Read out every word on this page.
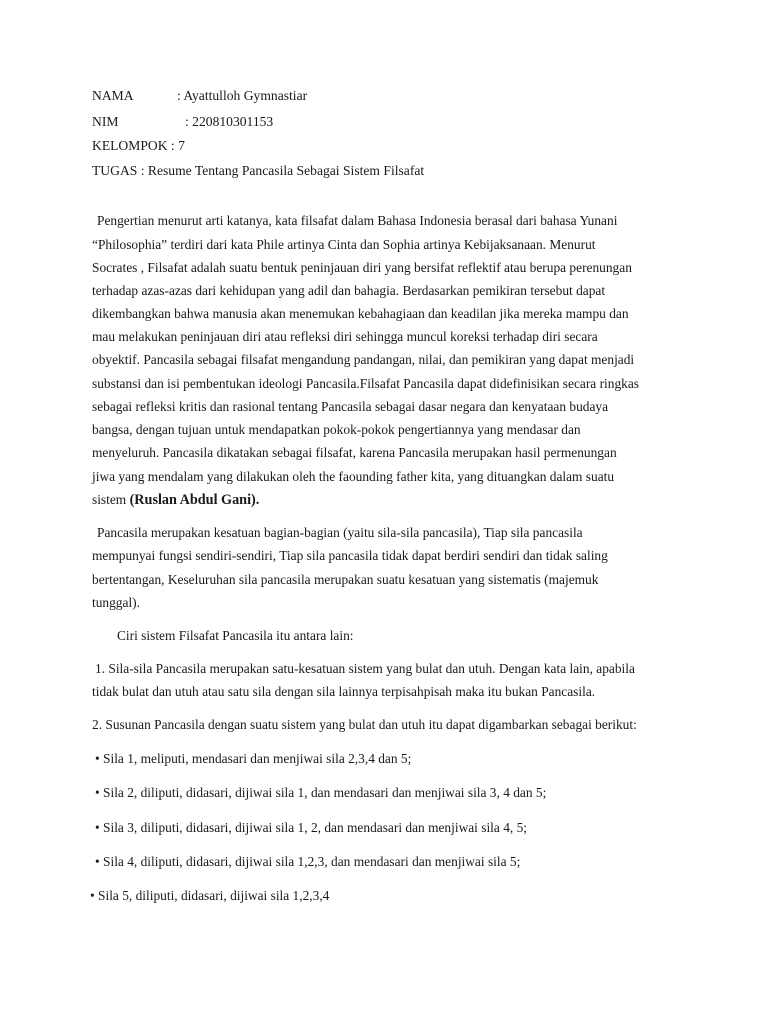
NAMA	: Ayattulloh Gymnastiar
NIM	: 220810301153
KELOMPOK : 7
TUGAS : Resume Tentang Pancasila Sebagai Sistem Filsafat
Pengertian menurut arti katanya, kata filsafat dalam Bahasa Indonesia berasal dari bahasa Yunani
“Philosophia” terdiri dari kata Phile artinya Cinta dan Sophia artinya Kebijaksanaan. Menurut
Socrates , Filsafat adalah suatu bentuk peninjauan diri yang bersifat reflektif atau berupa perenungan
terhadap azas-azas dari kehidupan yang adil dan bahagia. Berdasarkan pemikiran tersebut dapat
dikembangkan bahwa manusia akan menemukan kebahagiaan dan keadilan jika mereka mampu dan
mau melakukan peninjauan diri atau refleksi diri sehingga muncul koreksi terhadap diri secara
obyektif. Pancasila sebagai filsafat mengandung pandangan, nilai, dan pemikiran yang dapat menjadi
substansi dan isi pembentukan ideologi Pancasila.Filsafat Pancasila dapat didefinisikan secara ringkas
sebagai refleksi kritis dan rasional tentang Pancasila sebagai dasar negara dan kenyataan budaya
bangsa, dengan tujuan untuk mendapatkan pokok-pokok pengertiannya yang mendasar dan
menyeluruh. Pancasila dikatakan sebagai filsafat, karena Pancasila merupakan hasil permenungan
jiwa yang mendalam yang dilakukan oleh the faounding father kita, yang dituangkan dalam suatu
sistem (Ruslan Abdul Gani).
Pancasila merupakan kesatuan bagian-bagian (yaitu sila-sila pancasila), Tiap sila pancasila
mempunyai fungsi sendiri-sendiri, Tiap sila pancasila tidak dapat berdiri sendiri dan tidak saling
bertentangan, Keseluruhan sila pancasila merupakan suatu kesatuan yang sistematis (majemuk
tunggal).
Ciri sistem Filsafat Pancasila itu antara lain:
1. Sila-sila Pancasila merupakan satu-kesatuan sistem yang bulat dan utuh. Dengan kata lain, apabila
tidak bulat dan utuh atau satu sila dengan sila lainnya terpisahpisah maka itu bukan Pancasila.
2. Susunan Pancasila dengan suatu sistem yang bulat dan utuh itu dapat digambarkan sebagai berikut:
• Sila 1, meliputi, mendasari dan menjiwai sila 2,3,4 dan 5;
• Sila 2, diliputi, didasari, dijiwai sila 1, dan mendasari dan menjiwai sila 3, 4 dan 5;
• Sila 3, diliputi, didasari, dijiwai sila 1, 2, dan mendasari dan menjiwai sila 4, 5;
• Sila 4, diliputi, didasari, dijiwai sila 1,2,3, dan mendasari dan menjiwai sila 5;
• Sila 5, diliputi, didasari, dijiwai sila 1,2,3,4
